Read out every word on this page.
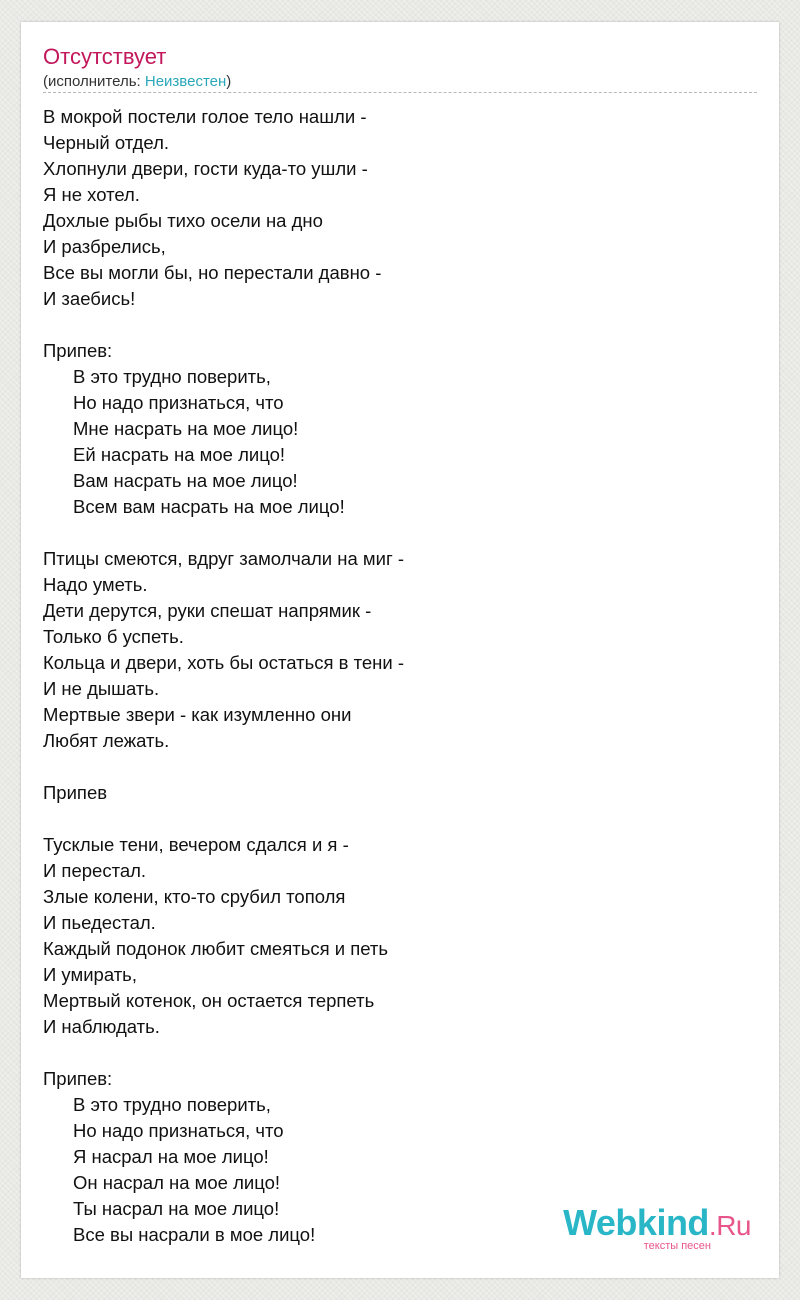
Отсутствует
(исполнитель: Неизвестен)
В мокрой постели голое тело нашли -
Черный отдел.
Хлопнули двери, гости куда-то ушли -
Я не хотел.
Дохлые рыбы тихо осели на дно
И разбрелись,
Все вы могли бы, но перестали давно -
И заебись!
Припев:
В это трудно поверить,
Но надо признаться, что
Мне насрать на мое лицо!
Ей насрать на мое лицо!
Вам насрать на мое лицо!
Всем вам насрать на мое лицо!
Птицы смеются, вдруг замолчали на миг -
Надо уметь.
Дети дерутся, руки спешат напрямик -
Только б успеть.
Кольца и двери, хоть бы остаться в тени -
И не дышать.
Мертвые звери - как изумленно они
Любят лежать.
Припев
Тусклые тени, вечером сдался и я -
И перестал.
Злые колени, кто-то срубил тополя
И пьедестал.
Каждый подонок любит смеяться и петь
И умирать,
Мертвый котенок, он остается терпеть
И наблюдать.
Припев:
В это трудно поверить,
Но надо признаться, что
Я насрал на мое лицо!
Он насрал на мое лицо!
Ты насрал на мое лицо!
Все вы насрали в мое лицо!	Webkind.Ru
тексты песен
